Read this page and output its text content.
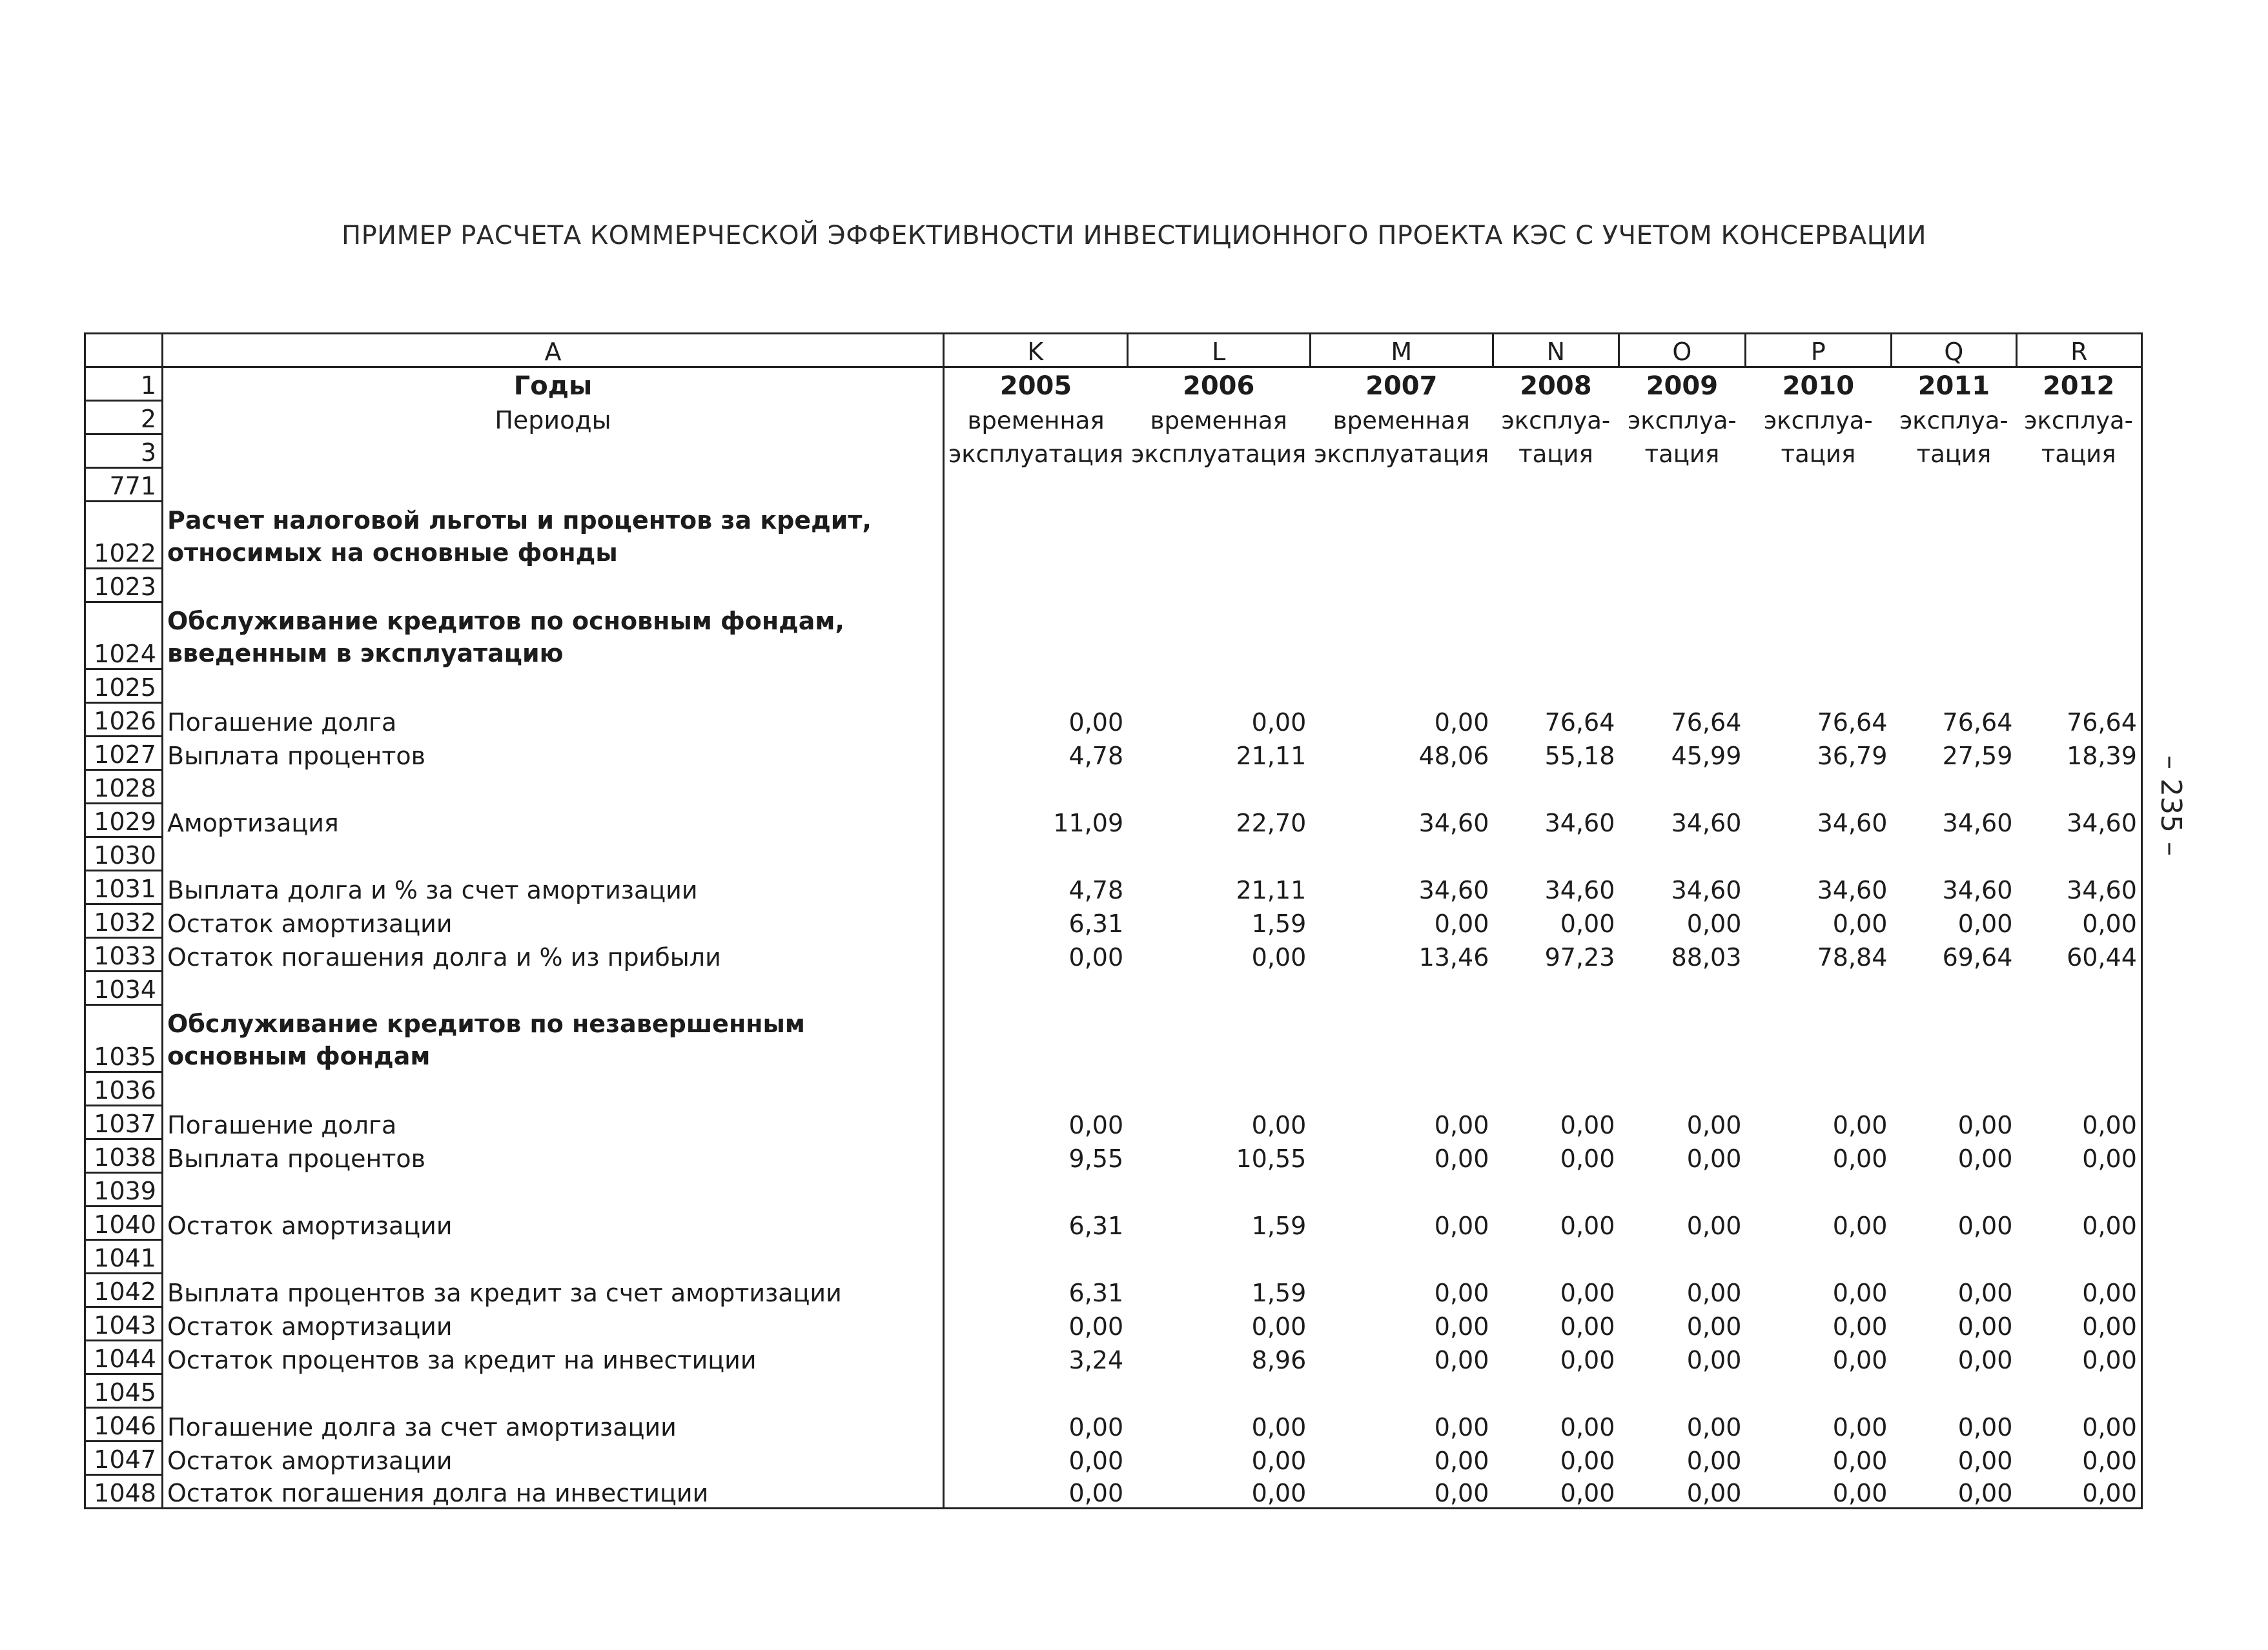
ПРИМЕР РАСЧЕТА КОММЕРЧЕСКОЙ ЭФФЕКТИВНОСТИ ИНВЕСТИЦИОННОГО ПРОЕКТА КЭС С УЧЕТОМ КОНСЕРВАЦИИ
– 235 –
	A	K	L	M	N	O	P	Q	R
1	Годы	2005	2006	2007	2008	2009	2010	2011	2012
2	Периоды	временная	временная	временная	эксплуа-	эксплуа-	эксплуа-	эксплуа-	эксплуа-
3		эксплуатация	эксплуатация	эксплуатация	тация	тация	тация	тация	тация
771									
1022	Расчет налоговой льготы и процентов за кредит, относимых на основные фонды								
1023									
1024	Обслуживание кредитов по основным фондам, введенным в эксплуатацию								
1025									
1026	Погашение долга	0,00	0,00	0,00	76,64	76,64	76,64	76,64	76,64
1027	Выплата процентов	4,78	21,11	48,06	55,18	45,99	36,79	27,59	18,39
1028									
1029	Амортизация	11,09	22,70	34,60	34,60	34,60	34,60	34,60	34,60
1030									
1031	Выплата долга и % за счет амортизации	4,78	21,11	34,60	34,60	34,60	34,60	34,60	34,60
1032	Остаток амортизации	6,31	1,59	0,00	0,00	0,00	0,00	0,00	0,00
1033	Остаток погашения долга и % из прибыли	0,00	0,00	13,46	97,23	88,03	78,84	69,64	60,44
1034									
1035	Обслуживание кредитов по незавершенным основным фондам								
1036									
1037	Погашение долга	0,00	0,00	0,00	0,00	0,00	0,00	0,00	0,00
1038	Выплата процентов	9,55	10,55	0,00	0,00	0,00	0,00	0,00	0,00
1039									
1040	Остаток амортизации	6,31	1,59	0,00	0,00	0,00	0,00	0,00	0,00
1041									
1042	Выплата процентов за кредит за счет амортизации	6,31	1,59	0,00	0,00	0,00	0,00	0,00	0,00
1043	Остаток амортизации	0,00	0,00	0,00	0,00	0,00	0,00	0,00	0,00
1044	Остаток процентов за кредит на инвестиции	3,24	8,96	0,00	0,00	0,00	0,00	0,00	0,00
1045									
1046	Погашение долга за счет амортизации	0,00	0,00	0,00	0,00	0,00	0,00	0,00	0,00
1047	Остаток амортизации	0,00	0,00	0,00	0,00	0,00	0,00	0,00	0,00
1048	Остаток погашения долга на инвестиции	0,00	0,00	0,00	0,00	0,00	0,00	0,00	0,00
